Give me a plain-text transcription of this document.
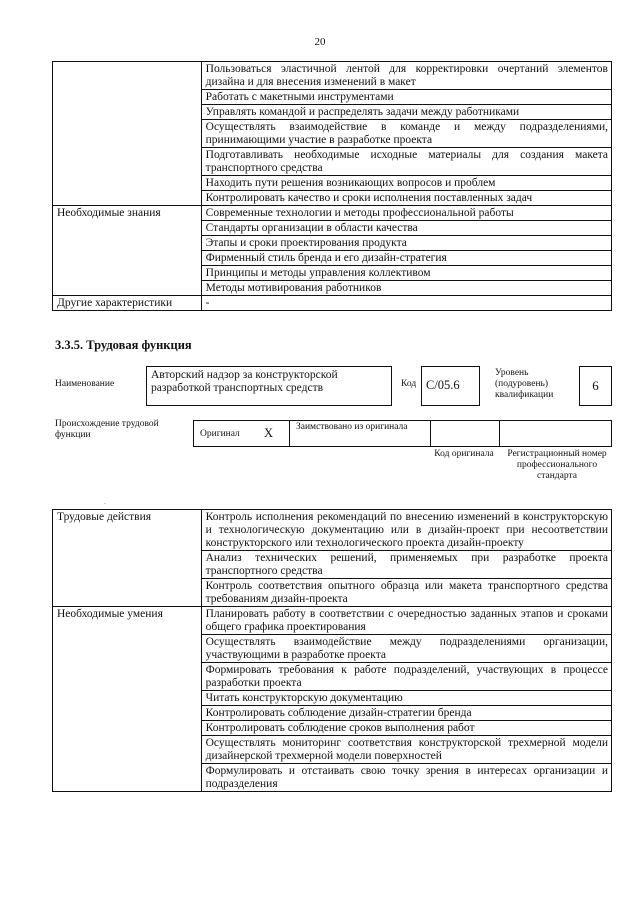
20
	Пользоваться эластичной лентой для корректировки очертаний элементов дизайна и для внесения изменений в макет
	Работать с макетными инструментами
	Управлять командой и распределять задачи между работниками
	Осуществлять взаимодействие в команде и между подразделениями, принимающими участие в разработке проекта
	Подготавливать необходимые исходные материалы для создания макета транспортного средства
	Находить пути решения возникающих вопросов и проблем
	Контролировать качество и сроки исполнения поставленных задач
Необходимые знания	Современные технологии и методы профессиональной работы
	Стандарты организации в области качества
	Этапы и сроки проектирования продукта
	Фирменный стиль бренда и его дизайн-стратегия
	Принципы и методы управления коллективом
	Методы мотивирования работников
Другие характеристики	-
3.3.5. Трудовая функция
Наименование
Авторский надзор за конструкторской разработкой транспортных средств	Код С/05.6
Уровень (подуровень) квалификации
6
Происхождение трудовой функции	Оригинал X Заимствовано из оригинала
Код оригинала	Регистрационный номер профессионального стандарта
.
Трудовые действия	Контроль исполнения рекомендаций по внесению изменений в конструкторскую и технологическую документацию или в дизайн-проект при несоответствии конструкторского или технологического проекта дизайн-проекту
	Анализ технических решений, применяемых при разработке проекта транспортного средства
	Контроль соответствия опытного образца или макета транспортного средства требованиям дизайн-проекта
Необходимые умения	Планировать работу в соответствии с очередностью заданных этапов и сроками общего графика проектирования
	Осуществлять взаимодействие между подразделениями организации, участвующими в разработке проекта
	Формировать требования к работе подразделений, участвующих в процессе разработки проекта
	Читать конструкторскую документацию
	Контролировать соблюдение дизайн-стратегии бренда
	Контролировать соблюдение сроков выполнения работ
	Осуществлять мониторинг соответствия конструкторской трехмерной модели дизайнерской трехмерной модели поверхностей
	Формулировать и отстаивать свою точку зрения в интересах организации и подразделения
